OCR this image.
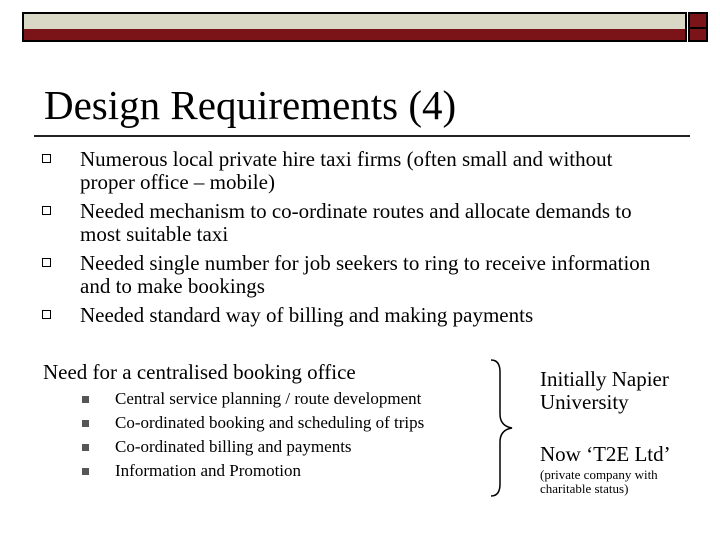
Design Requirements (4)
Numerous local private hire taxi firms (often small and without proper office – mobile)
Needed mechanism to co-ordinate routes and allocate demands to most suitable taxi
Needed single number for job seekers to ring to receive information and to make bookings
Needed standard way of billing and making payments
Need for a centralised booking office
Central service planning / route development
Co-ordinated booking and scheduling of trips
Co-ordinated billing and payments
Information and Promotion
Initially Napier
University
Now ‘T2E Ltd’
(private company with
charitable status)
